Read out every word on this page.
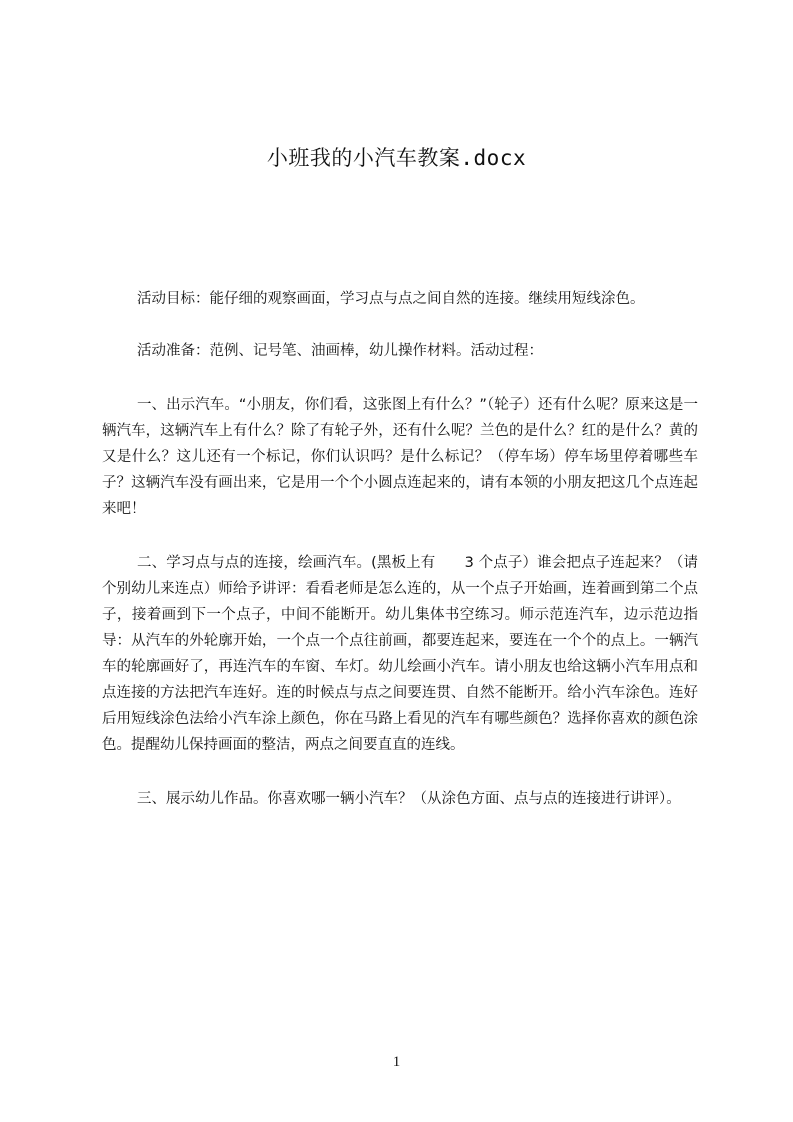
小班我的小汽车教案.docx

活动目标：能仔细的观察画面，学习点与点之间自然的连接。继续用短线涂色。

活动准备：范例、记号笔、油画棒，幼儿操作材料。活动过程：

一、出示汽车。“小朋友，你们看，这张图上有什么？”（轮子）还有什么呢？原来这是一辆汽车，这辆汽车上有什么？除了有轮子外，还有什么呢？兰色的是什么？红的是什么？黄的又是什么？这儿还有一个标记，你们认识吗？是什么标记？（停车场）停车场里停着哪些车子？这辆汽车没有画出来，它是用一个个小圆点连起来的，请有本领的小朋友把这几个点连起来吧！

二、学习点与点的连接，绘画汽车。(黑板上有　　3 个点子）谁会把点子连起来？（请个别幼儿来连点）师给予讲评：看看老师是怎么连的，从一个点子开始画，连着画到第二个点子，接着画到下一个点子，中间不能断开。幼儿集体书空练习。师示范连汽车，边示范边指导：从汽车的外轮廓开始，一个点一个点往前画，都要连起来，要连在一个个的点上。一辆汽车的轮廓画好了，再连汽车的车窗、车灯。幼儿绘画小汽车。请小朋友也给这辆小汽车用点和点连接的方法把汽车连好。连的时候点与点之间要连贯、自然不能断开。给小汽车涂色。连好后用短线涂色法给小汽车涂上颜色，你在马路上看见的汽车有哪些颜色？选择你喜欢的颜色涂色。提醒幼儿保持画面的整洁，两点之间要直直的连线。

三、展示幼儿作品。你喜欢哪一辆小汽车？（从涂色方面、点与点的连接进行讲评）。

1
